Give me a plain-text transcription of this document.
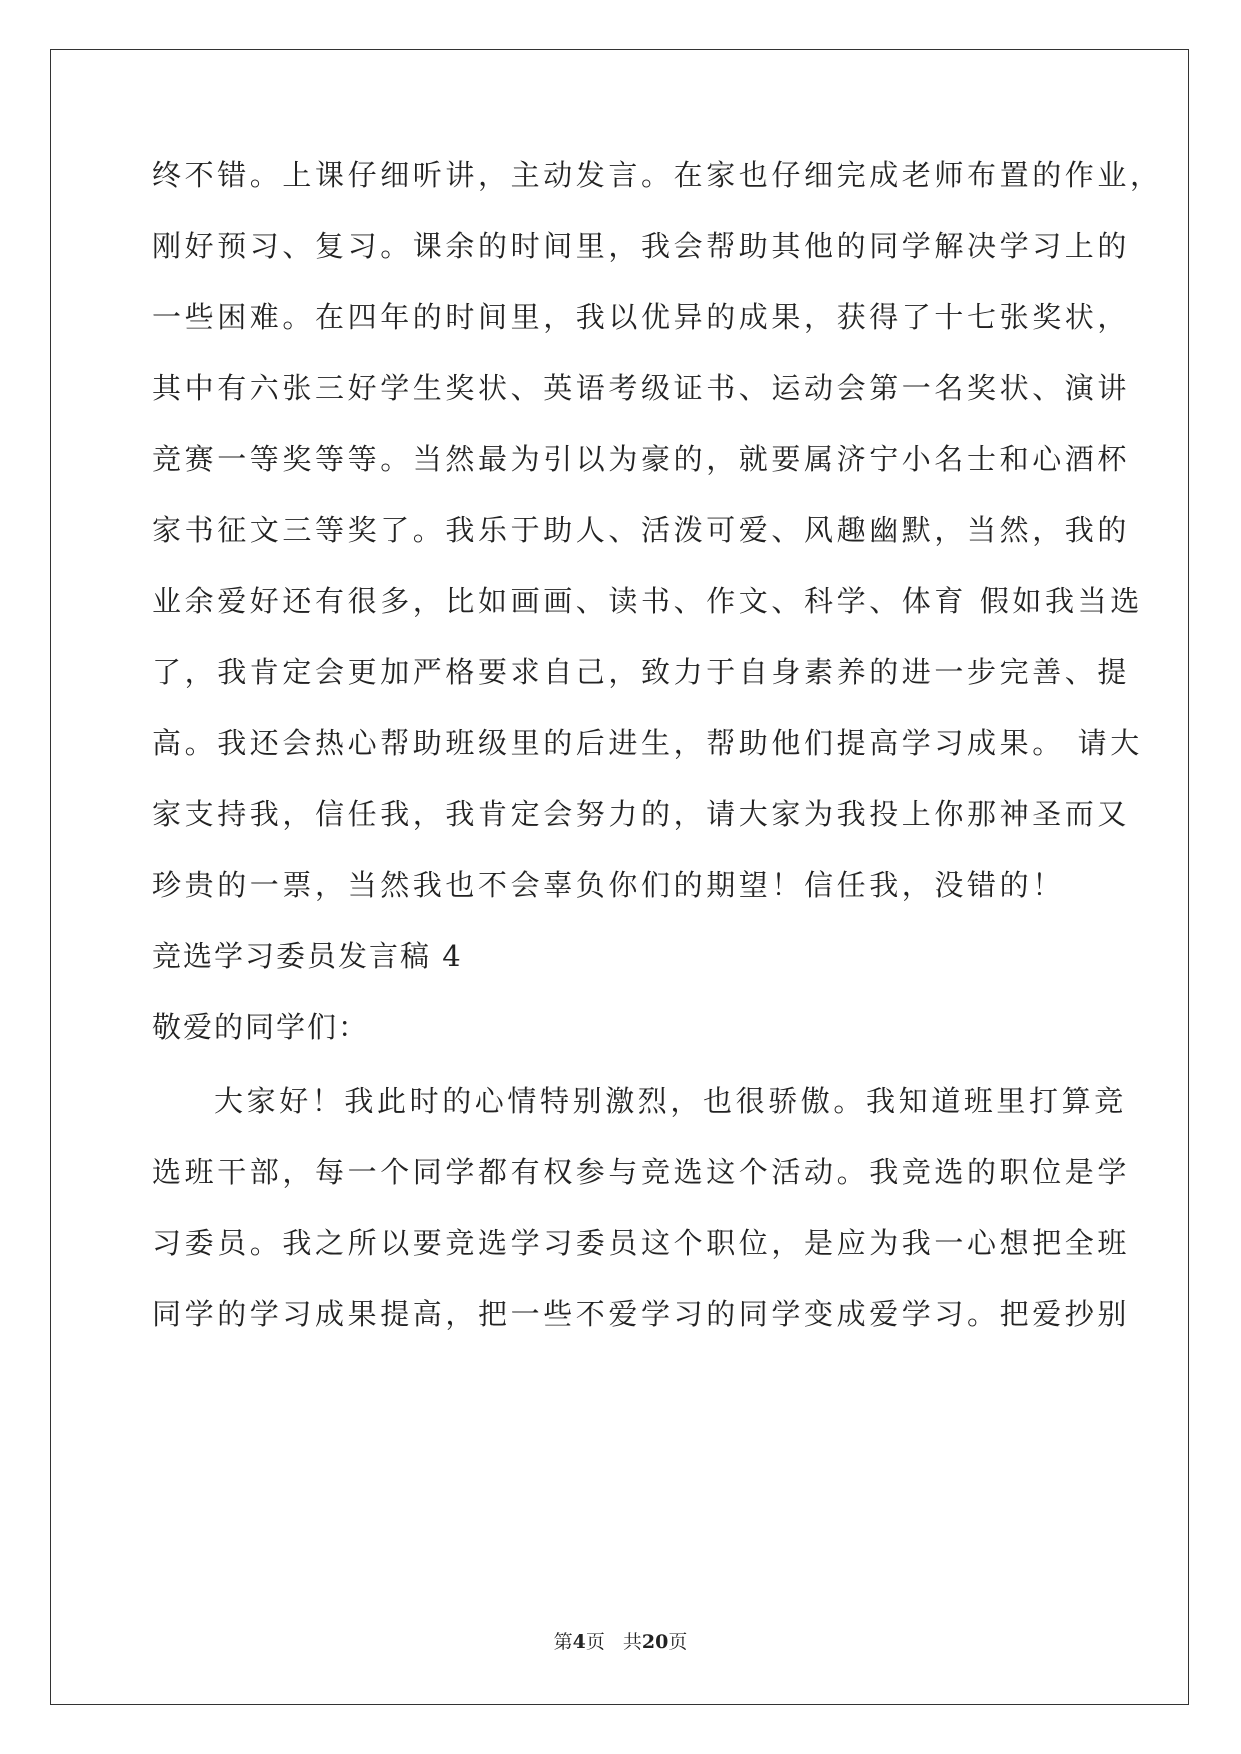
终不错。上课仔细听讲，主动发言。在家也仔细完成老师布置的作业，
刚好预习、复习。课余的时间里，我会帮助其他的同学解决学习上的
一些困难。在四年的时间里，我以优异的成果，获得了十七张奖状，
其中有六张三好学生奖状、英语考级证书、运动会第一名奖状、演讲
竞赛一等奖等等。当然最为引以为豪的，就要属济宁小名士和心酒杯
家书征文三等奖了。我乐于助人、活泼可爱、风趣幽默，当然，我的
业余爱好还有很多，比如画画、读书、作文、科学、体育 假如我当选
了，我肯定会更加严格要求自己，致力于自身素养的进一步完善、提
高。我还会热心帮助班级里的后进生，帮助他们提高学习成果。 请大
家支持我，信任我，我肯定会努力的，请大家为我投上你那神圣而又
珍贵的一票，当然我也不会辜负你们的期望！信任我，没错的！
竞选学习委员发言稿 4
敬爱的同学们：
大家好！我此时的心情特别激烈，也很骄傲。我知道班里打算竞
选班干部，每一个同学都有权参与竞选这个活动。我竞选的职位是学
习委员。我之所以要竞选学习委员这个职位，是应为我一心想把全班
同学的学习成果提高，把一些不爱学习的同学变成爱学习。把爱抄别
第4页 共20页
